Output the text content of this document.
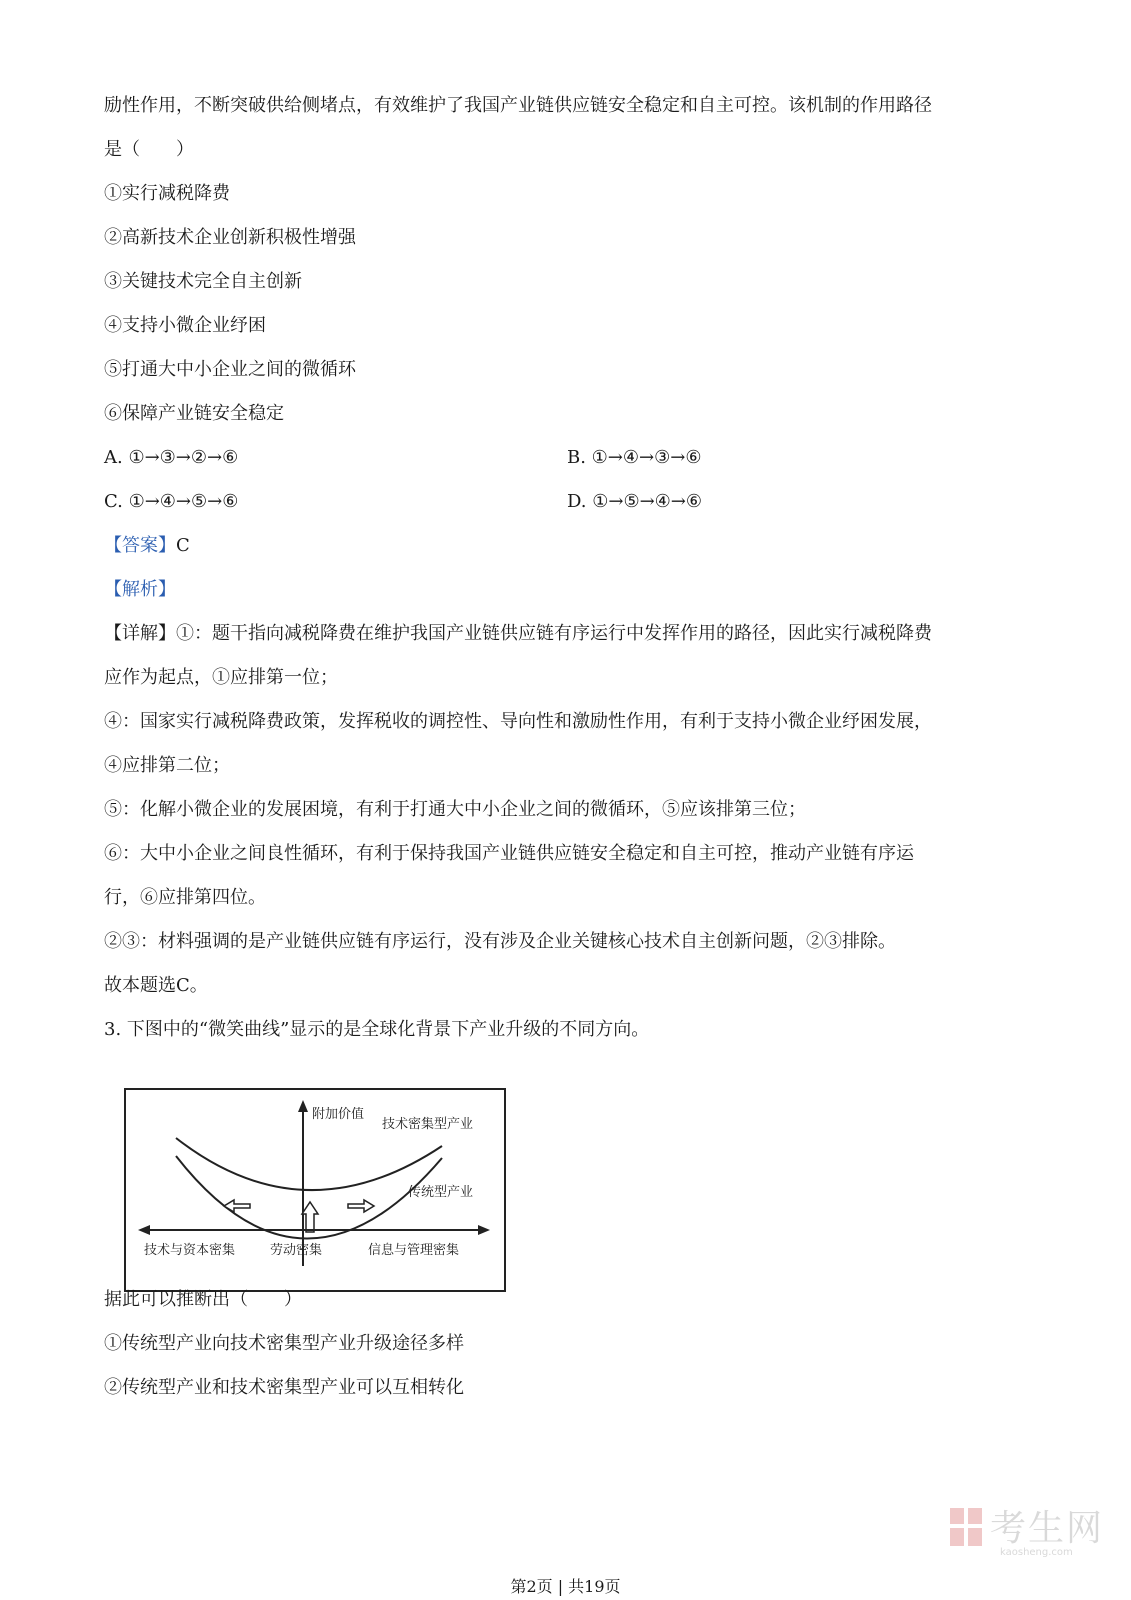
励性作用，不断突破供给侧堵点，有效维护了我国产业链供应链安全稳定和自主可控。该机制的作用路径
是（　　）
①实行减税降费
②高新技术企业创新积极性增强
③关键技术完全自主创新
④支持小微企业纾困
⑤打通大中小企业之间的微循环
⑥保障产业链安全稳定
A. ①→③→②→⑥	B. ①→④→③→⑥
C. ①→④→⑤→⑥	D. ①→⑤→④→⑥
【答案】C
【解析】
【详解】①：题干指向减税降费在维护我国产业链供应链有序运行中发挥作用的路径，因此实行减税降费
应作为起点，①应排第一位；
④：国家实行减税降费政策，发挥税收的调控性、导向性和激励性作用，有利于支持小微企业纾困发展，
④应排第二位；
⑤：化解小微企业的发展困境，有利于打通大中小企业之间的微循环，⑤应该排第三位；
⑥：大中小企业之间良性循环，有利于保持我国产业链供应链安全稳定和自主可控，推动产业链有序运
行，⑥应排第四位。
②③：材料强调的是产业链供应链有序运行，没有涉及企业关键核心技术自主创新问题，②③排除。
故本题选C。
3. 下图中的“微笑曲线”显示的是全球化背景下产业升级的不同方向。
附加价值
技术密集型产业
传统型产业
技术与资本密集	劳动密集	信息与管理密集
据此可以推断出（　　）
①传统型产业向技术密集型产业升级途径多样
②传统型产业和技术密集型产业可以互相转化
考生网
kaosheng.com
第2页 | 共19页
